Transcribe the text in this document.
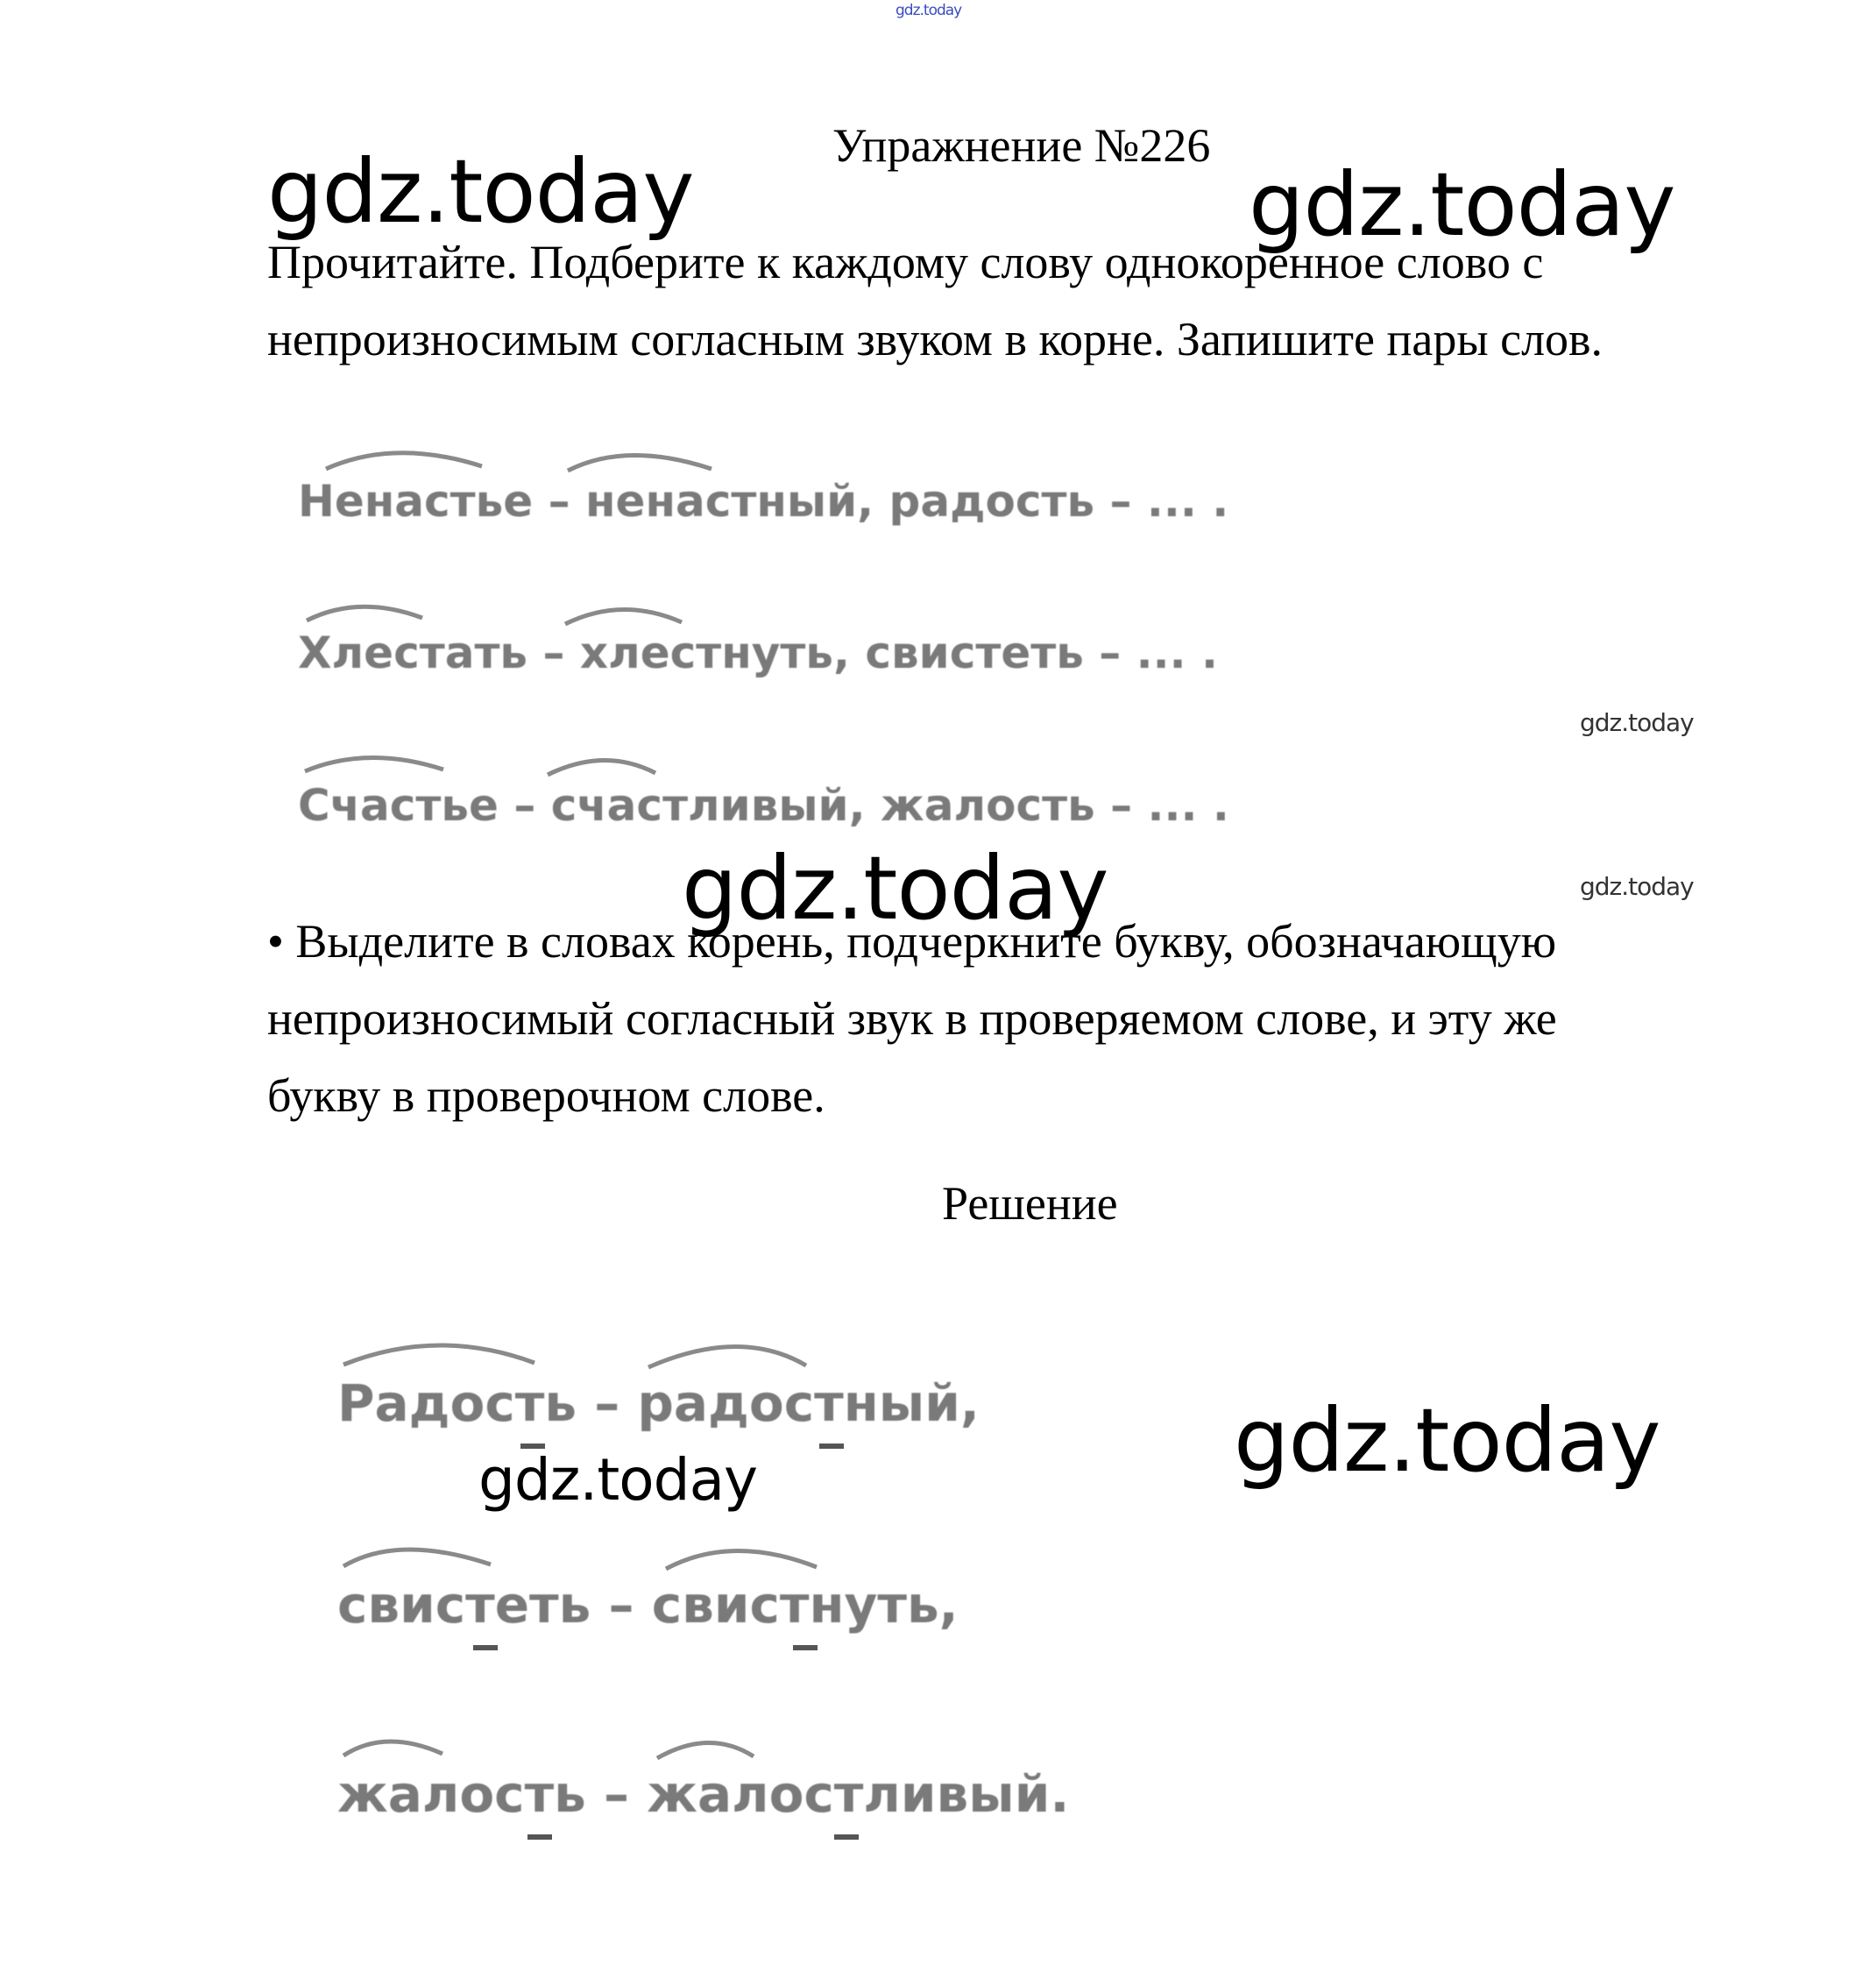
gdz.today
Упражнение №226
Прочитайте. Подберите к каждому слову однокоренное слово с
непроизносимым согласным звуком в корне. Запишите пары слов.
Ненастье – ненастный, радость – ... .
Хлестать – хлестнуть, свистеть – ... .
Счастье – счастливый, жалость – ... .
• Выделите в словах корень, подчеркните букву, обозначающую
непроизносимый согласный звук в проверяемом слове, и эту же
букву в проверочном слове.
Решение
Радость – радостный,
свистеть – свистнуть,
жалость – жалостливый.
gdz.today	gdz.today
gdz.today
gdz.today
gdz.today
gdz.today
gdz.today
